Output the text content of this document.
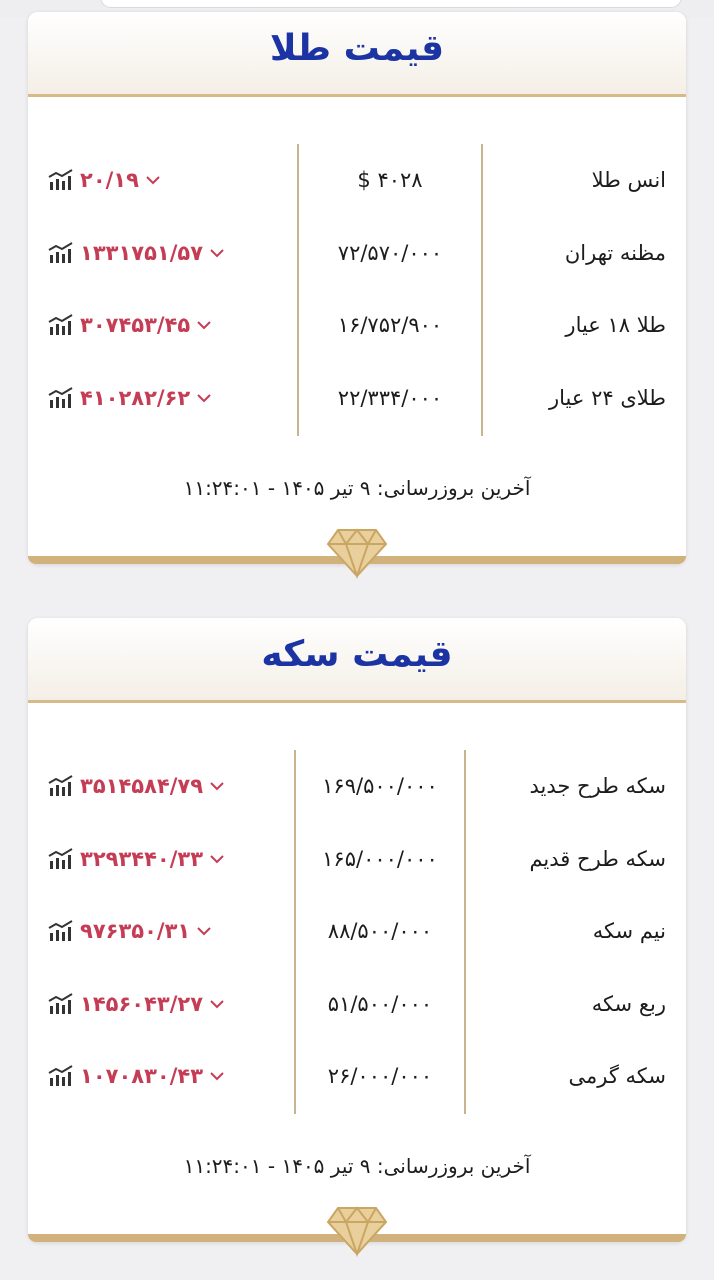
قیمت طلا
انس طلا
$ ۴۰۲۸
۲۰/۱۹
مظنه تهران
۷۲/۵۷۰/۰۰۰
۱۳۳۱۷۵۱/۵۷
طلا ۱۸ عیار
۱۶/۷۵۲/۹۰۰
۳۰۷۴۵۳/۴۵
طلای ۲۴ عیار
۲۲/۳۳۴/۰۰۰
۴۱۰۲۸۲/۶۲
آخرین بروزرسانی: ۹ تیر ۱۴۰۵ - ۱۱:۲۴:۰۱
قیمت سکه
سکه طرح جدید
۱۶۹/۵۰۰/۰۰۰
۳۵۱۴۵۸۴/۷۹
سکه طرح قدیم
۱۶۵/۰۰۰/۰۰۰
۳۲۹۳۴۴۰/۳۳
نیم سکه
۸۸/۵۰۰/۰۰۰
۹۷۶۳۵۰/۳۱
ربع سکه
۵۱/۵۰۰/۰۰۰
۱۴۵۶۰۴۳/۲۷
سکه گرمی
۲۶/۰۰۰/۰۰۰
۱۰۷۰۸۳۰/۴۳
آخرین بروزرسانی: ۹ تیر ۱۴۰۵ - ۱۱:۲۴:۰۱
